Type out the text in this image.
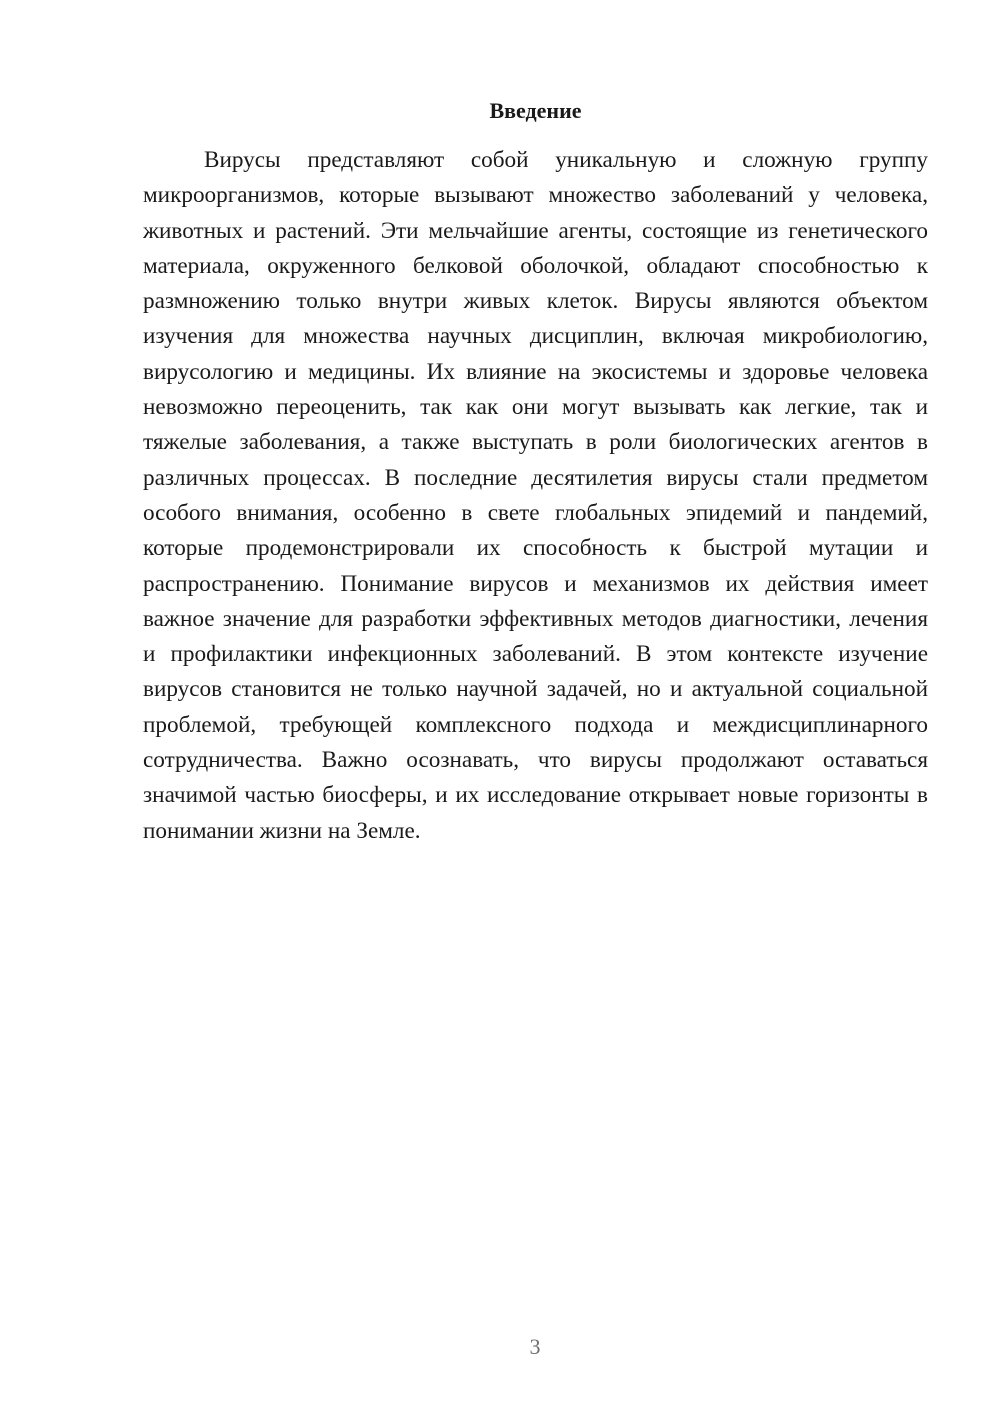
Введение

Вирусы представляют собой уникальную и сложную группу микроорганизмов, которые вызывают множество заболеваний у человека, животных и растений. Эти мельчайшие агенты, состоящие из генетического материала, окруженного белковой оболочкой, обладают способностью к размножению только внутри живых клеток. Вирусы являются объектом изучения для множества научных дисциплин, включая микробиологию, вирусологию и медицины. Их влияние на экосистемы и здоровье человека невозможно переоценить, так как они могут вызывать как легкие, так и тяжелые заболевания, а также выступать в роли биологических агентов в различных процессах. В последние десятилетия вирусы стали предметом особого внимания, особенно в свете глобальных эпидемий и пандемий, которые продемонстрировали их способность к быстрой мутации и распространению. Понимание вирусов и механизмов их действия имеет важное значение для разработки эффективных методов диагностики, лечения и профилактики инфекционных заболеваний. В этом контексте изучение вирусов становится не только научной задачей, но и актуальной социальной проблемой, требующей комплексного подхода и междисциплинарного сотрудничества. Важно осознавать, что вирусы продолжают оставаться значимой частью биосферы, и их исследование открывает новые горизонты в понимании жизни на Земле.

3
